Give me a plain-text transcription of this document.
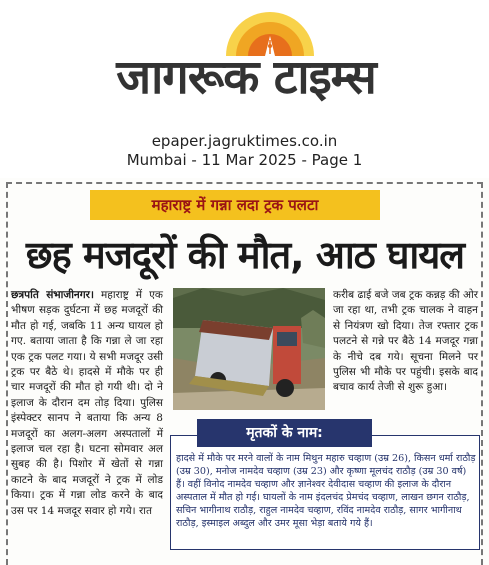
जागरूक टाइम्स
epaper.jagruktimes.co.in
Mumbai - 11 Mar 2025 - Page 1
महाराष्ट्र में गन्ना लदा ट्रक पलटा
छह मजदूरों की मौत, आठ घायल
छत्रपति संभाजीनगर। महाराष्ट्र में एक भीषण सड़क दुर्घटना में छह मजदूरों की मौत हो गई, जबकि 11 अन्य घायल हो गए. बताया जाता है कि गन्ना ले जा रहा एक ट्रक पलट गया। ये सभी मजदूर उसी ट्रक पर बैठे थे। हादसे में मौके पर ही चार मजदूरों की मौत हो गयी थी। दो ने इलाज के दौरान दम तोड़ दिया। पुलिस इंस्पेक्टर सानप ने बताया कि अन्य 8 मजदूरों का अलग-अलग अस्पतालों में इलाज चल रहा है। घटना सोमवार अल सुबह की है। पिशोर में खेतों से गन्ना काटने के बाद मजदूरों ने ट्रक में लोड किया। ट्रक में गन्ना लोड करने के बाद उस पर 14 मजदूर सवार हो गये। रात
करीब ढाई बजे जब ट्रक कन्नड़ की ओर जा रहा था, तभी ट्रक चालक ने वाहन से नियंत्रण खो दिया। तेज रफ्तार ट्रक पलटने से गन्ने पर बैठे 14 मजदूर गन्ना के नीचे दब गये। सूचना मिलने पर पुलिस भी मौके पर पहुंची। इसके बाद बचाव कार्य तेजी से शुरू हुआ।
मृतकों के नाम:
हादसे में मौके पर मरने वालों के नाम मिथुन महारु चव्हाण (उम्र 26), किसन धर्मा राठौड़ (उम्र 30), मनोज नामदेव चव्हाण (उम्र 23) और कृष्णा मूलचंद राठौड़ (उम्र 30 वर्ष) हैं। वहीं विनोद नामदेव चव्हाण और ज्ञानेश्वर देवीदास चव्हाण की इलाज के दौरान अस्पताल में मौत हो गई। घायलों के नाम इंदलचंद प्रेमचंद चव्हाण, लाखन छगन राठौड़, सचिन भागीनाथ राठौड़, राहुल नामदेव चव्हाण, रविंद नामदेव राठौड़, सागर भागीनाथ राठौड़, इस्माइल अब्दुल और उमर मूसा भेड़ा बताये गये हैं।
